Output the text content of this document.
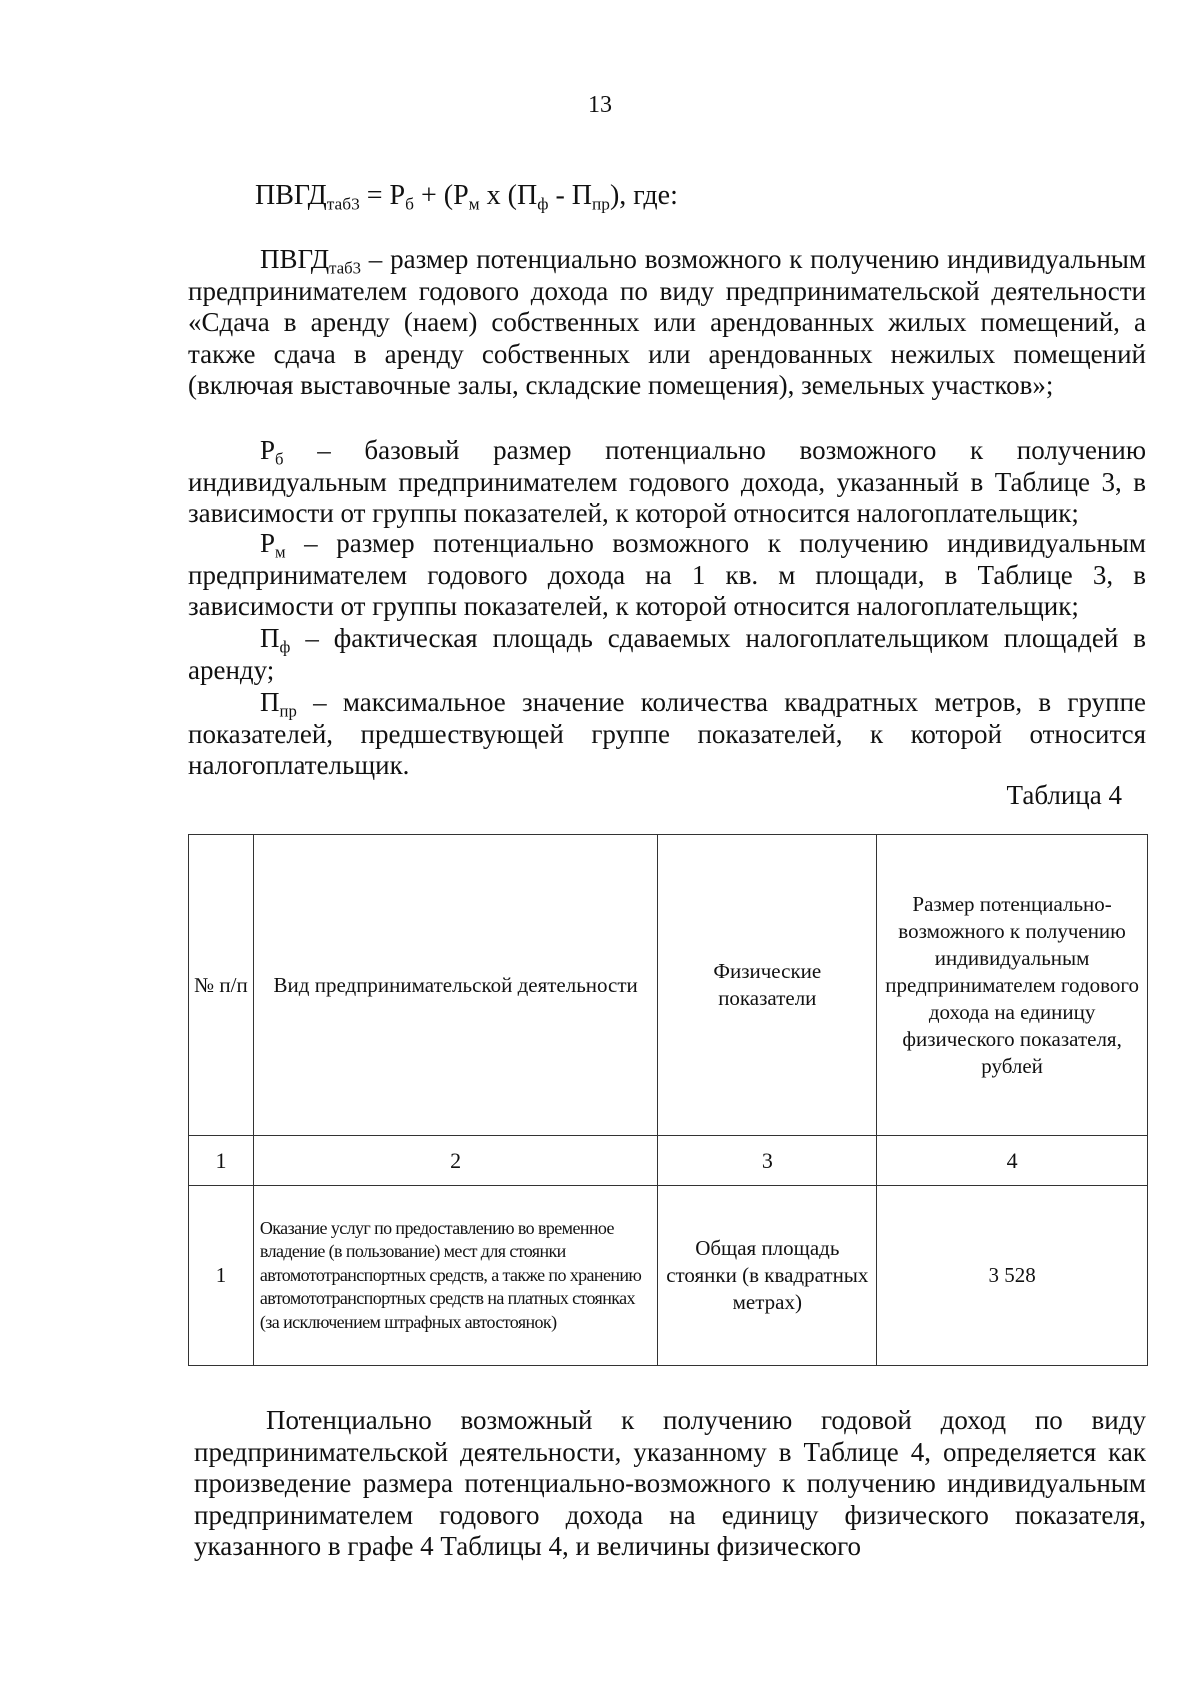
13
$ПВГД_{таб3} = Р_б + (Р_м$ х $(П_ф - П_{пр})$, где:

$ПВГД_{таб3}$ – размер потенциально возможного к получению индивидуальным предпринимателем годового дохода по виду предпринимательской деятельности «Сдача в аренду (наем) собственных или арендованных жилых помещений, а также сдача в аренду собственных или арендованных нежилых помещений (включая выставочные залы, складские помещения), земельных участков»;

$Р_б$ – базовый размер потенциально возможного к получению индивидуальным предпринимателем годового дохода, указанный в Таблице 3, в зависимости от группы показателей, к которой относится налогоплательщик;

$Р_м$ – размер потенциально возможного к получению индивидуальным предпринимателем годового дохода на 1 кв. м площади, в Таблице 3, в зависимости от группы показателей, к которой относится налогоплательщик;

$П_ф$ – фактическая площадь сдаваемых налогоплательщиком площадей в аренду;

$П_{пр}$ – максимальное значение количества квадратных метров, в группе показателей, предшествующей группе показателей, к которой относится налогоплательщик.

Таблица 4
№ п/п	Вид предпринимательской деятельности	Физические показатели	Размер потенциально-возможного к получению индивидуальным предпринимателем годового дохода на единицу физического показателя, рублей
1	2	3	4
1	Оказание услуг по предоставлению во временное владение (в пользование) мест для стоянки автомототранспортных средств, а также по хранению автомототранспортных средств на платных стоянках (за исключением штрафных автостоянок)	Общая площадь стоянки (в квадратных метрах)	3 528

Потенциально возможный к получению годовой доход по виду предпринимательской деятельности, указанному в Таблице 4, определяется как произведение размера потенциально-возможного к получению индивидуальным предпринимателем годового дохода на единицу физического показателя, указанного в графе 4 Таблицы 4, и величины физического
